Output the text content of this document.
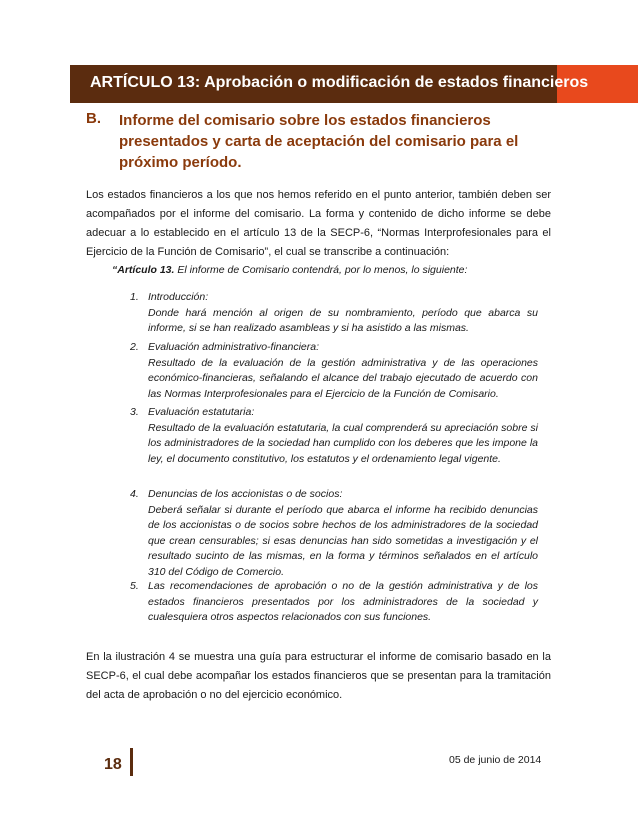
ARTÍCULO 13: Aprobación o modificación de estados financieros
B. Informe del comisario sobre los estados financieros presentados y carta de aceptación del comisario para el próximo período.
Los estados financieros a los que nos hemos referido en el punto anterior, también deben ser acompañados por el informe del comisario. La forma y contenido de dicho informe se debe adecuar a lo establecido en el artículo 13 de la SECP-6, “Normas Interprofesionales para el Ejercicio de la Función de Comisario”, el cual se transcribe a continuación:
“Artículo 13. El informe de Comisario contendrá, por lo menos, lo siguiente:
1. Introducción:
Donde hará mención al origen de su nombramiento, período que abarca su informe, si se han realizado asambleas y si ha asistido a las mismas.
2. Evaluación administrativo-financiera:
Resultado de la evaluación de la gestión administrativa y de las operaciones económico-financieras, señalando el alcance del trabajo ejecutado de acuerdo con las Normas Interprofesionales para el Ejercicio de la Función de Comisario.
3. Evaluación estatutaria:
Resultado de la evaluación estatutaria, la cual comprenderá su apreciación sobre si los administradores de la sociedad han cumplido con los deberes que les impone la ley, el documento constitutivo, los estatutos y el ordenamiento legal vigente.
4. Denuncias de los accionistas o de socios:
Deberá señalar si durante el período que abarca el informe ha recibido denuncias de los accionistas o de socios sobre hechos de los administradores de la sociedad que crean censurables; si esas denuncias han sido sometidas a investigación y el resultado sucinto de las mismas, en la forma y términos señalados en el artículo 310 del Código de Comercio.
5. Las recomendaciones de aprobación o no de la gestión administrativa y de los estados financieros presentados por los administradores de la sociedad y cualesquiera otros aspectos relacionados con sus funciones.
En la ilustración 4 se muestra una guía para estructurar el informe de comisario basado en la SECP-6, el cual debe acompañar los estados financieros que se presentan para la tramitación del acta de aprobación o no del ejercicio económico.
18	05 de junio de 2014
